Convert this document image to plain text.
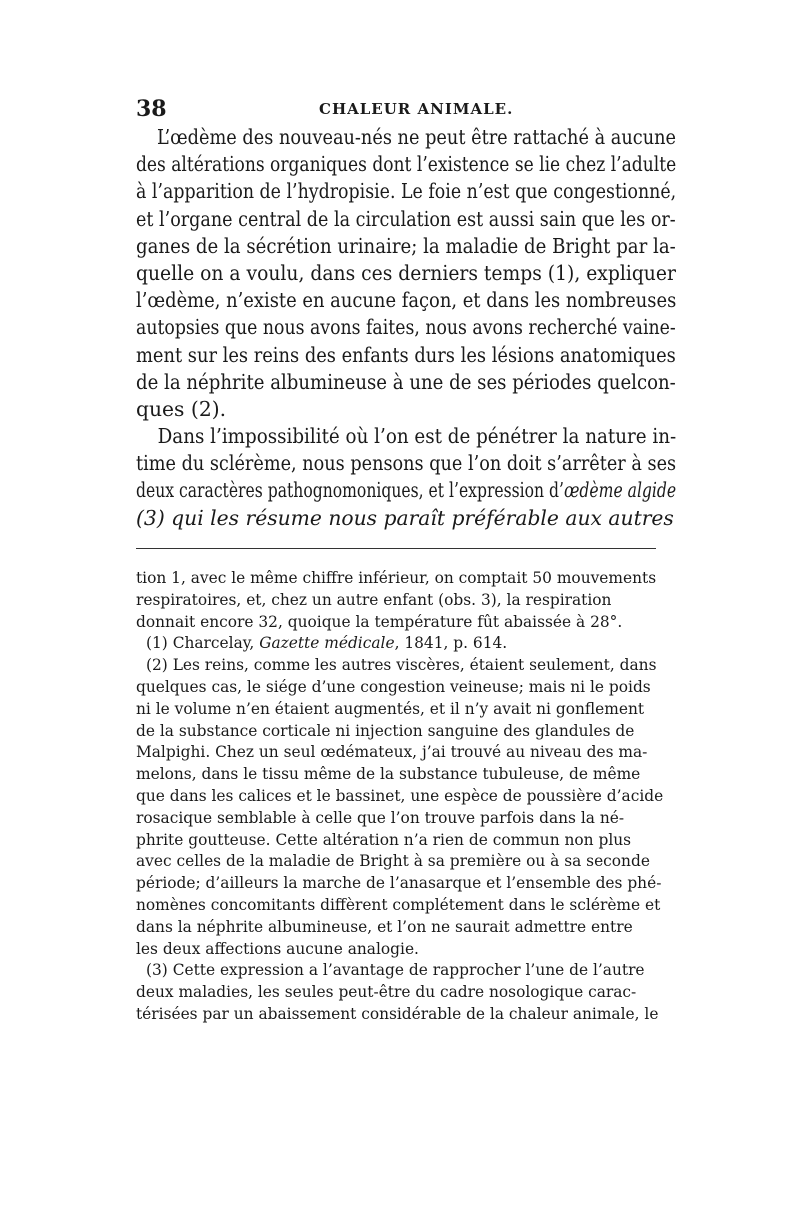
38	CHALEUR ANIMALE.
L’œdème des nouveau-nés ne peut être rattaché à aucune
des altérations organiques dont l’existence se lie chez l’adulte
à l’apparition de l’hydropisie. Le foie n’est que congestionné,
et l’organe central de la circulation est aussi sain que les or-
ganes de la sécrétion urinaire; la maladie de Bright par la-
quelle on a voulu, dans ces derniers temps (1), expliquer
l’œdème, n’existe en aucune façon, et dans les nombreuses
autopsies que nous avons faites, nous avons recherché vaine-
ment sur les reins des enfants durs les lésions anatomiques
de la néphrite albumineuse à une de ses périodes quelcon-
ques (2).
Dans l’impossibilité où l’on est de pénétrer la nature in-
time du sclérème, nous pensons que l’on doit s’arrêter à ses
deux caractères pathognomoniques, et l’expression d’œdème algide
(3) qui les résume nous paraît préférable aux autres
tion 1, avec le même chiffre inférieur, on comptait 50 mouvements
respiratoires, et, chez un autre enfant (obs. 3), la respiration
donnait encore 32, quoique la température fût abaissée à 28°.
(1) Charcelay, Gazette médicale, 1841, p. 614.
(2) Les reins, comme les autres viscères, étaient seulement, dans
quelques cas, le siége d’une congestion veineuse; mais ni le poids
ni le volume n’en étaient augmentés, et il n’y avait ni gonflement
de la substance corticale ni injection sanguine des glandules de
Malpighi. Chez un seul œdémateux, j’ai trouvé au niveau des ma-
melons, dans le tissu même de la substance tubuleuse, de même
que dans les calices et le bassinet, une espèce de poussière d’acide
rosacique semblable à celle que l’on trouve parfois dans la né-
phrite goutteuse. Cette altération n’a rien de commun non plus
avec celles de la maladie de Bright à sa première ou à sa seconde
période; d’ailleurs la marche de l’anasarque et l’ensemble des phé-
nomènes concomitants diffèrent complétement dans le sclérème et
dans la néphrite albumineuse, et l’on ne saurait admettre entre
les deux affections aucune analogie.
(3) Cette expression a l’avantage de rapprocher l’une de l’autre
deux maladies, les seules peut-être du cadre nosologique carac-
térisées par un abaissement considérable de la chaleur animale, le
